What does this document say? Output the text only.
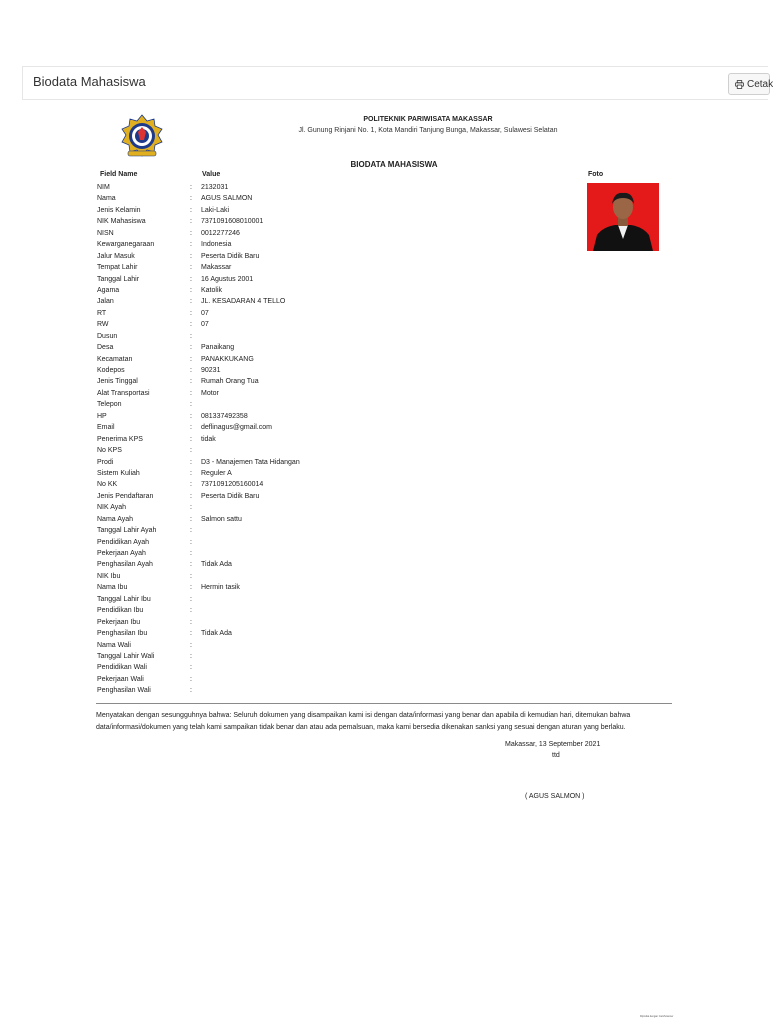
Biodata Mahasiswa	Cetak
POLITEKNIK PARIWISATA MAKASSAR
Jl. Gunung Rinjani No. 1, Kota Mandiri Tanjung Bunga, Makassar, Sulawesi Selatan
BIODATA MAHASISWA
Field Name	Value	Foto
NIM	: 2132031
Nama	: AGUS SALMON
Jenis Kelamin	: Laki-Laki
NIK Mahasiswa	: 7371091608010001
NISN	: 0012277246
Kewarganegaraan	: Indonesia
Jalur Masuk	: Peserta Didik Baru
Tempat Lahir	: Makassar
Tanggal Lahir	: 16 Agustus 2001
Agama	: Katolik
Jalan	: JL. KESADARAN 4 TELLO
RT	: 07
RW	: 07
Dusun	:
Desa	: Panaikang
Kecamatan	: PANAKKUKANG
Kodepos	: 90231
Jenis Tinggal	: Rumah Orang Tua
Alat Transportasi	: Motor
Telepon	:
HP	: 081337492358
Email	: deflinagus@gmail.com
Penerima KPS	: tidak
No KPS	:
Prodi	: D3 - Manajemen Tata Hidangan
Sistem Kuliah	: Reguler A
No KK	: 7371091205160014
Jenis Pendaftaran	: Peserta Didik Baru
NIK Ayah	:
Nama Ayah	: Salmon sattu
Tanggal Lahir Ayah	:
Pendidikan Ayah	:
Pekerjaan Ayah	:
Penghasilan Ayah	: Tidak Ada
NIK Ibu	:
Nama Ibu	: Hermin tasik
Tanggal Lahir Ibu	:
Pendidikan Ibu	:
Pekerjaan Ibu	:
Penghasilan Ibu	: Tidak Ada
Nama Wali	:
Tanggal Lahir Wali	:
Pendidikan Wali	:
Pekerjaan Wali	:
Penghasilan Wali	:
Menyatakan dengan sesungguhnya bahwa: Seluruh dokumen yang disampaikan kami isi dengan data/informasi yang benar dan apabila di kemudian hari, ditemukan bahwa data/informasi/dokumen yang telah kami sampaikan tidak benar dan atau ada pemalsuan, maka kami bersedia dikenakan sanksi yang sesuai dengan aturan yang berlaku.
Makassar, 13 September 2021
ttd
( AGUS SALMON )
Dipindai dengan CamScanner
